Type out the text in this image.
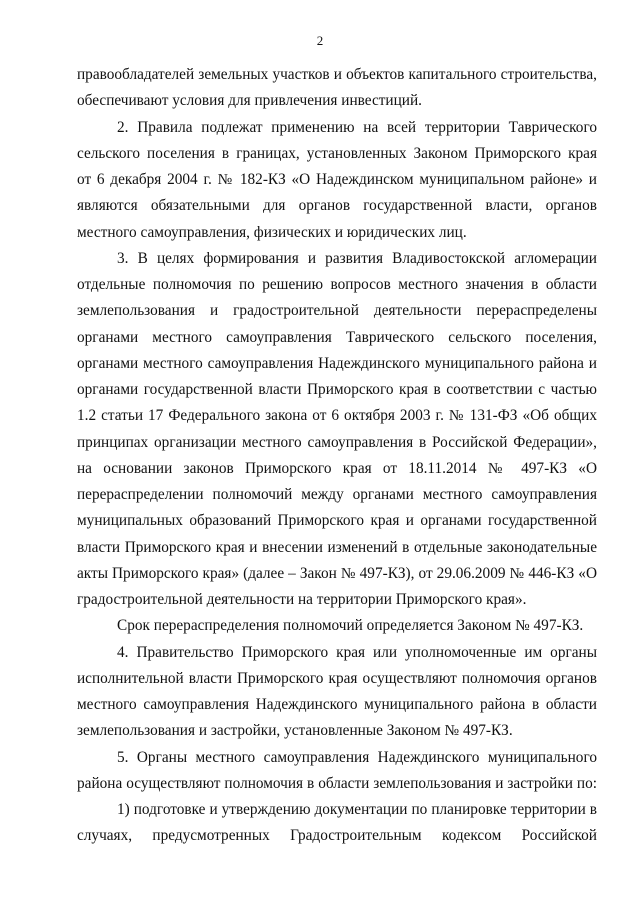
2
правообладателей земельных участков и объектов капитального строительства,
обеспечивают условия для привлечения инвестиций.
2. Правила подлежат применению на всей территории Таврического
сельского поселения в границах, установленных Законом Приморского края
от 6 декабря 2004 г. № 182-КЗ «О Надеждинском муниципальном районе» и
являются обязательными для органов государственной власти, органов
местного самоуправления, физических и юридических лиц.
3. В целях формирования и развития Владивостокской агломерации
отдельные полномочия по решению вопросов местного значения в области
землепользования и градостроительной деятельности перераспределены
органами местного самоуправления Таврического сельского поселения,
органами местного самоуправления Надеждинского муниципального района и
органами государственной власти Приморского края в соответствии с частью
1.2 статьи 17 Федерального закона от 6 октября 2003 г. № 131-ФЗ «Об общих
принципах организации местного самоуправления в Российской Федерации»,
на основании законов Приморского края от 18.11.2014 № 497-КЗ «О
перераспределении полномочий между органами местного самоуправления
муниципальных образований Приморского края и органами государственной
власти Приморского края и внесении изменений в отдельные законодательные
акты Приморского края» (далее – Закон № 497-КЗ), от 29.06.2009 № 446-КЗ «О
градостроительной деятельности на территории Приморского края».
Срок перераспределения полномочий определяется Законом № 497-КЗ.
4. Правительство Приморского края или уполномоченные им органы
исполнительной власти Приморского края осуществляют полномочия органов
местного самоуправления Надеждинского муниципального района в области
землепользования и застройки, установленные Законом № 497-КЗ.
5. Органы местного самоуправления Надеждинского муниципального
района осуществляют полномочия в области землепользования и застройки по:
1) подготовке и утверждению документации по планировке территории в
случаях, предусмотренных Градостроительным кодексом Российской
